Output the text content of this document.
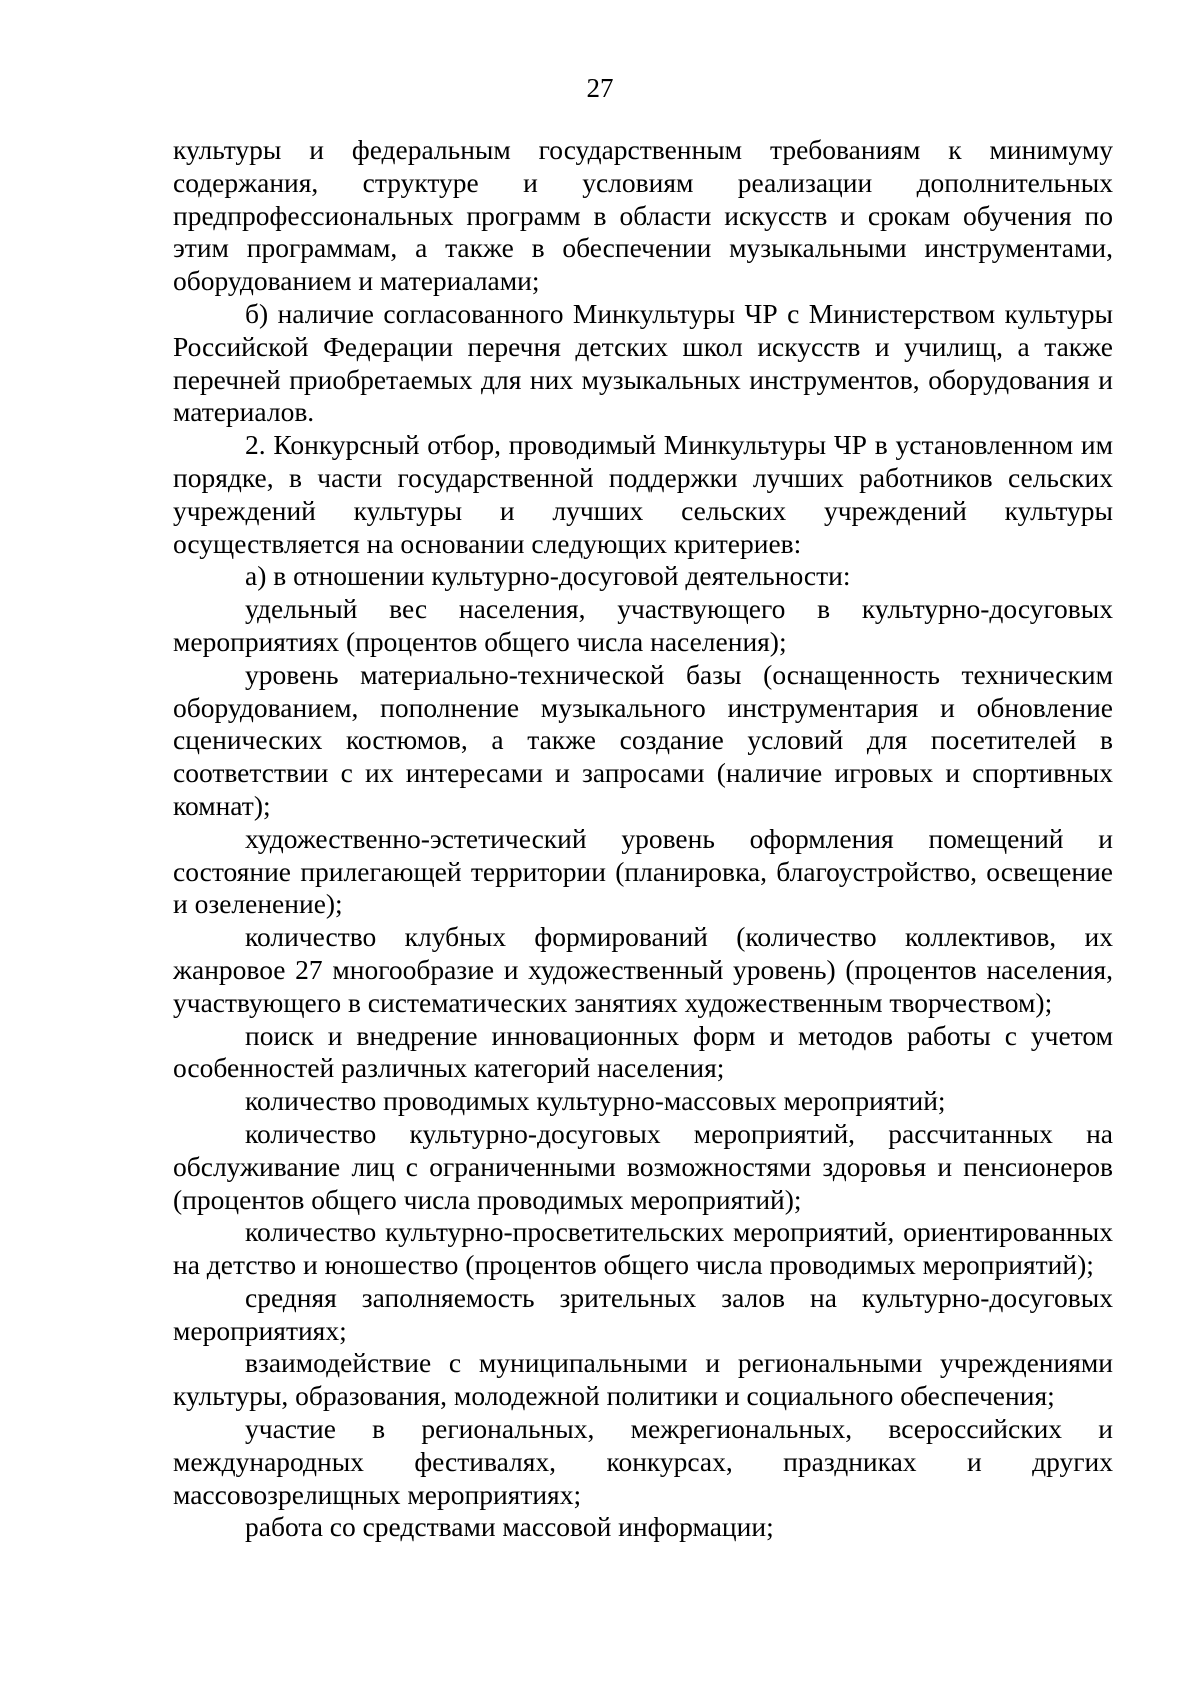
27

культуры и федеральным государственным требованиям к минимуму содержания, структуре и условиям реализации дополнительных предпрофессиональных программ в области искусств и срокам обучения по этим программам, а также в обеспечении музыкальными инструментами, оборудованием и материалами;

б) наличие согласованного Минкультуры ЧР с Министерством культуры Российской Федерации перечня детских школ искусств и училищ, а также перечней приобретаемых для них музыкальных инструментов, оборудования и материалов.

2. Конкурсный отбор, проводимый Минкультуры ЧР в установленном им порядке, в части государственной поддержки лучших работников сельских учреждений культуры и лучших сельских учреждений культуры осуществляется на основании следующих критериев:

а) в отношении культурно-досуговой деятельности:

удельный вес населения, участвующего в культурно-досуговых мероприятиях (процентов общего числа населения);

уровень материально-технической базы (оснащенность техническим оборудованием, пополнение музыкального инструментария и обновление сценических костюмов, а также создание условий для посетителей в соответствии с их интересами и запросами (наличие игровых и спортивных комнат);

художественно-эстетический уровень оформления помещений и состояние прилегающей территории (планировка, благоустройство, освещение и озеленение);

количество клубных формирований (количество коллективов, их жанровое 27 многообразие и художественный уровень) (процентов населения, участвующего в систематических занятиях художественным творчеством);

поиск и внедрение инновационных форм и методов работы с учетом особенностей различных категорий населения;

количество проводимых культурно-массовых мероприятий;

количество культурно-досуговых мероприятий, рассчитанных на обслуживание лиц с ограниченными возможностями здоровья и пенсионеров (процентов общего числа проводимых мероприятий);

количество культурно-просветительских мероприятий, ориентированных на детство и юношество (процентов общего числа проводимых мероприятий);

средняя заполняемость зрительных залов на культурно-досуговых мероприятиях;

взаимодействие с муниципальными и региональными учреждениями культуры, образования, молодежной политики и социального обеспечения;

участие в региональных, межрегиональных, всероссийских и международных фестивалях, конкурсах, праздниках и других массовозрелищных мероприятиях;

работа со средствами массовой информации;
